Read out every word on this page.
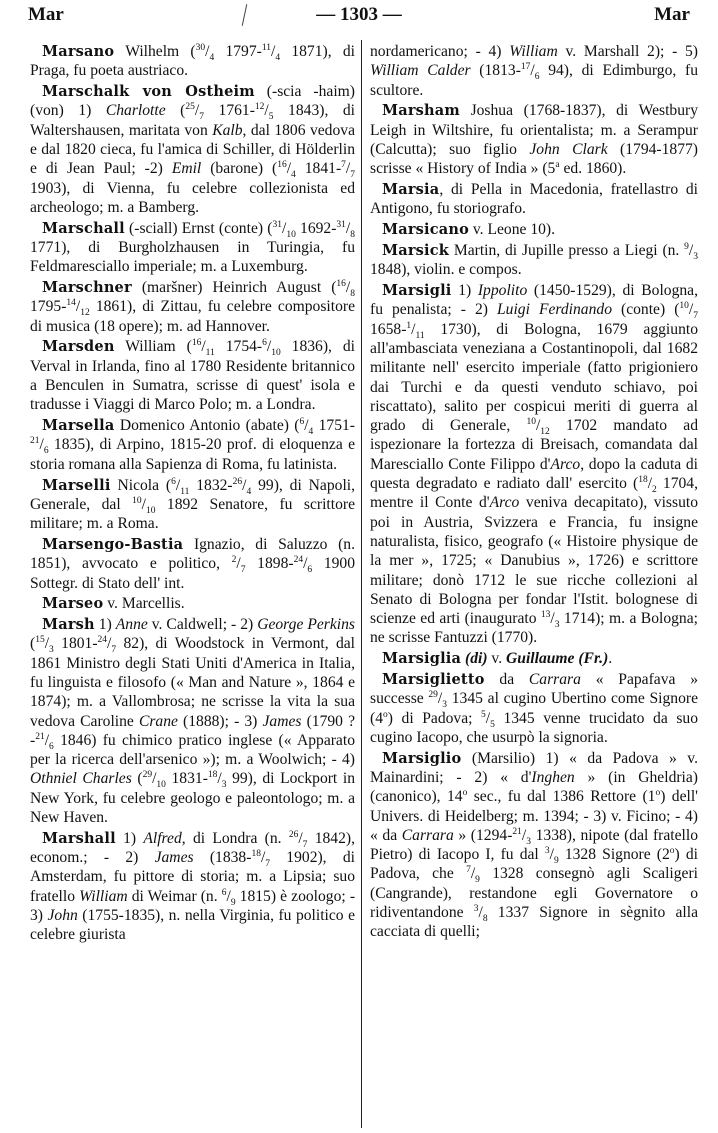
Mar	— 1303 —	Mar

Marsano Wilhelm ($^{30}/_4$ $1797-^{11}/_4$ 1871), di Praga, fu poeta austriaco.

Marschalk von Ostheim (-scia -haim) (von) 1) Charlotte ($^{25}/_7$ $1761-^{12}/_5$ 1843), di Waltershausen, maritata von Kalb, dal 1806 vedova e dal 1820 cieca, fu l'amica di Schiller, di Hölderlin e di Jean Paul; -2) Emil (barone) ($^{16}/_4$ $1841-^7/_7$ 1903), di Vienna, fu celebre collezionista ed archeologo; m. a Bamberg.

Marschall (-sciall) Ernst (conte) ($^{31}/_{10}$ $1692-^{31}/_8$ 1771), di Burgholzhausen in Turingia, fu Feldmaresciallo imperiale; m. a Luxemburg.

Marschner (maršner) Heinrich August ($^{16}/_8$ $1795-^{14}/_{12}$ 1861), di Zittau, fu celebre compositore di musica (18 opere); m. ad Hannover.

Marsden William ($^{16}/_{11}$ $1754-^6/_{10}$ 1836), di Verval in Irlanda, fino al 1780 Residente britannico a Benculen in Sumatra, scrisse di quest' isola e tradusse i Viaggi di Marco Polo; m. a Londra.

Marsella Domenico Antonio (abate) ($^6/_4$ $1751-^{21}/_6$ 1835), di Arpino, 1815-20 prof. di eloquenza e storia romana alla Sapienza di Roma, fu latinista.

Marselli Nicola ($^6/_{11}$ $1832-^{26}/_4$ 99), di Napoli, Generale, dal $^{10}/_{10}$ 1892 Senatore, fu scrittore militare; m. a Roma.

Marsengo-Bastia Ignazio, di Saluzzo (n. 1851), avvocato e politico, $^2/_7$ $1898-^{24}/_6$ 1900 Sottegr. di Stato dell' int.

Marseo v. Marcellis.

Marsh 1) Anne v. Caldwell; - 2) George Perkins ($^{15}/_3$ $1801-^{24}/_7$ 82), di Woodstock in Vermont, dal 1861 Ministro degli Stati Uniti d'America in Italia, fu linguista e filosofo (« Man and Nature », 1864 e 1874); m. a Vallombrosa; ne scrisse la vita la sua vedova Caroline Crane (1888); - 3) James (1790 $?-^{21}/_6$ 1846) fu chimico pratico inglese (« Apparato per la ricerca dell'arsenico »); m. a Woolwich; - 4) Othniel Charles ($^{29}/_{10}$ $1831-^{18}/_3$ 99), di Lockport in New York, fu celebre geologo e paleontologo; m. a New Haven.

Marshall 1) Alfred, di Londra (n. $^{26}/_7$ 1842), econom.; - 2) James ($1838-^{18}/_7$ 1902), di Amsterdam, fu pittore di storia; m. a Lipsia; suo fratello William di Weimar (n. $^6/_9$ 1815) è zoologo; - 3) John (1755-1835), n. nella Virginia, fu politico e celebre giurista

nordamericano; - 4) William v. Marshall 2); - 5) William Calder ($1813-^{17}/_6$ 94), di Edimburgo, fu scultore.

Marsham Joshua (1768-1837), di Westbury Leigh in Wiltshire, fu orientalista; m. a Serampur (Calcutta); suo figlio John Clark (1794-1877) scrisse « History of India » (5$^a$ ed. 1860).

Marsia, di Pella in Macedonia, fratellastro di Antigono, fu storiografo.

Marsicano v. Leone 10).

Marsick Martin, di Jupille presso a Liegi (n. $^9/_3$ 1848), violin. e compos.

Marsigli 1) Ippolito (1450-1529), di Bologna, fu penalista; - 2) Luigi Ferdinando (conte) ($^{10}/_7$ $1658-^1/_{11}$ 1730), di Bologna, 1679 aggiunto all'ambasciata veneziana a Costantinopoli, dal 1682 militante nell' esercito imperiale (fatto prigioniero dai Turchi e da questi venduto schiavo, poi riscattato), salito per cospicui meriti di guerra al grado di Generale, $^{10}/_{12}$ 1702 mandato ad ispezionare la fortezza di Breisach, comandata dal Maresciallo Conte Filippo d'Arco, dopo la caduta di questa degradato e radiato dall' esercito ($^{18}/_2$ 1704, mentre il Conte d'Arco veniva decapitato), vissuto poi in Austria, Svizzera e Francia, fu insigne naturalista, fisico, geografo (« Histoire physique de la mer », 1725; « Danubius », 1726) e scrittore militare; donò 1712 le sue ricche collezioni al Senato di Bologna per fondar l'Istit. bolognese di scienze ed arti (inaugurato $^{13}/_3$ 1714); m. a Bologna; ne scrisse Fantuzzi (1770).

Marsiglia (di) v. Guillaume (Fr.).

Marsiglietto da Carrara « Papafava » successe $^{29}/_3$ 1345 al cugino Ubertino come Signore (4$^o$) di Padova; $^5/_5$ 1345 venne trucidato da suo cugino Iacopo, che usurpò la signoria.

Marsiglio (Marsilio) 1) « da Padova » v. Mainardini; - 2) « d'Inghen » (in Gheldria) (canonico), 14$^o$ sec., fu dal 1386 Rettore (1$^o$) dell' Univers. di Heidelberg; m. 1394; - 3) v. Ficino; - 4) « da Carrara » ($1294-^{21}/_3$ 1338), nipote (dal fratello Pietro) di Iacopo I, fu dal $^3/_9$ 1328 Signore (2$^o$) di Padova, che $^7/_9$ 1328 consegnò agli Scaligeri (Cangrande), restandone egli Governatore o ridiventandone $^3/_8$ 1337 Signore in sègnito alla cacciata di quelli;
